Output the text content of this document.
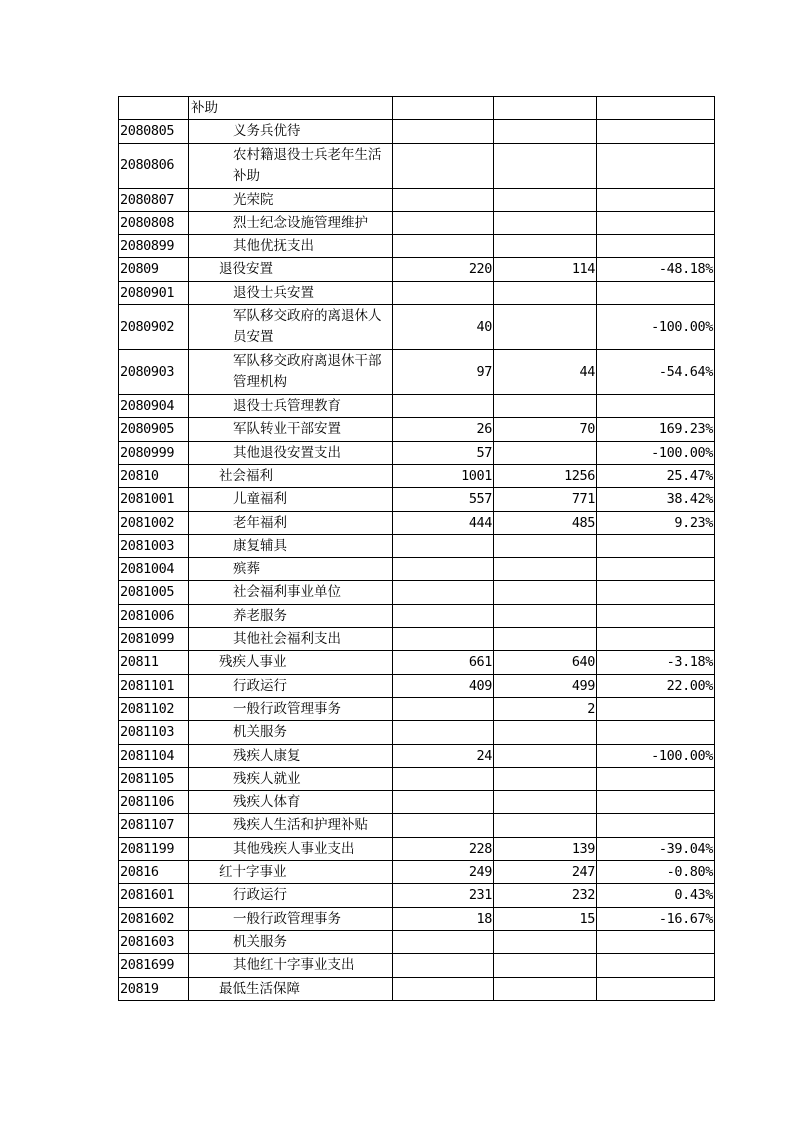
	补助			
2080805	义务兵优待			
2080806	农村籍退役士兵老年生活补助			
2080807	光荣院			
2080808	烈士纪念设施管理维护			
2080899	其他优抚支出			
20809	退役安置	220	114	-48.18%
2080901	退役士兵安置			
2080902	军队移交政府的离退休人员安置	40		-100.00%
2080903	军队移交政府离退休干部管理机构	97	44	-54.64%
2080904	退役士兵管理教育			
2080905	军队转业干部安置	26	70	169.23%
2080999	其他退役安置支出	57		-100.00%
20810	社会福利	1001	1256	25.47%
2081001	儿童福利	557	771	38.42%
2081002	老年福利	444	485	9.23%
2081003	康复辅具			
2081004	殡葬			
2081005	社会福利事业单位			
2081006	养老服务			
2081099	其他社会福利支出			
20811	残疾人事业	661	640	-3.18%
2081101	行政运行	409	499	22.00%
2081102	一般行政管理事务		2	
2081103	机关服务			
2081104	残疾人康复	24		-100.00%
2081105	残疾人就业			
2081106	残疾人体育			
2081107	残疾人生活和护理补贴			
2081199	其他残疾人事业支出	228	139	-39.04%
20816	红十字事业	249	247	-0.80%
2081601	行政运行	231	232	0.43%
2081602	一般行政管理事务	18	15	-16.67%
2081603	机关服务			
2081699	其他红十字事业支出			
20819	最低生活保障			
